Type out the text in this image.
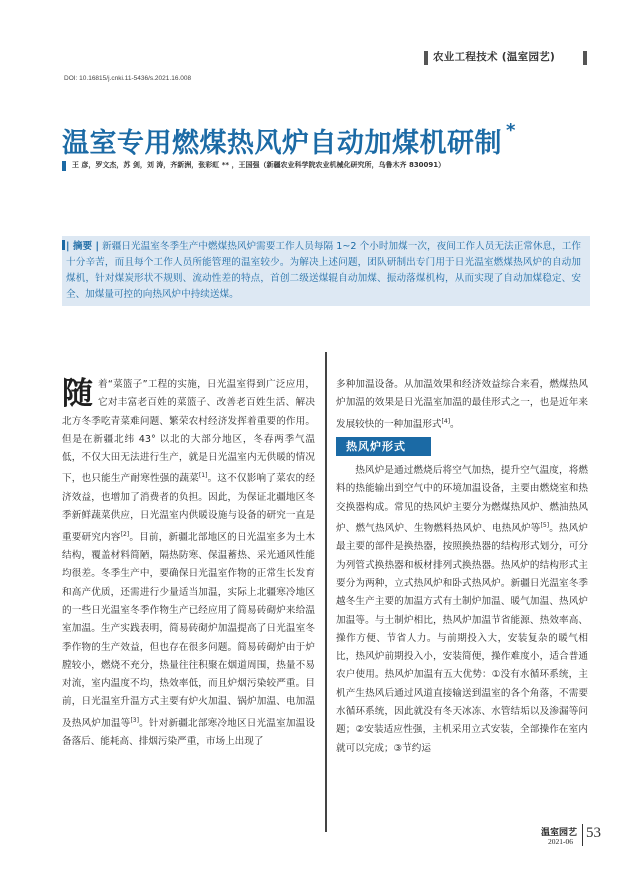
农业工程技术 (温室园艺)
DOI: 10.16815/j.cnki.11-5436/s.2021.16.008
温室专用燃煤热风炉自动加煤机研制 *
王 彦，罗文杰，苏 剑，刘 涛，齐新洲，张彩虹 ** ，王国强（新疆农业科学院农业机械化研究所，乌鲁木齐 830091）
| 摘要 | 新疆日光温室冬季生产中燃煤热风炉需要工作人员每隔 1~2 个小时加煤一次，夜间工作人员无法正常休息，工作十分辛苦，而且每个工作人员所能管理的温室较少。为解决上述问题，团队研制出专门用于日光温室燃煤热风炉的自动加煤机，针对煤炭形状不规则、流动性差的特点，首创二级送煤辊自动加煤、振动落煤机构，从而实现了自动加煤稳定、安全、加煤量可控的向热风炉中持续送煤。

随着“菜篮子”工程的实施，日光温室得到广泛应用，它对丰富老百姓的菜篮子、改善老百姓生活、解决北方冬季吃青菜难问题、繁荣农村经济发挥着重要的作用。但是在新疆北纬 43° 以北的大部分地区，冬春两季气温低，不仅大田无法进行生产，就是日光温室内无供暖的情况下，也只能生产耐寒性强的蔬菜[1]。这不仅影响了菜农的经济效益，也增加了消费者的负担。因此，为保证北疆地区冬季新鲜蔬菜供应，日光温室内供暖设施与设备的研究一直是重要研究内容[2]。目前，新疆北部地区的日光温室多为土木结构，覆盖材料简陋，隔热防寒、保温蓄热、采光通风性能均很差。冬季生产中，要确保日光温室作物的正常生长发育和高产优质，还需进行少量适当加温，实际上北疆寒冷地区的一些日光温室冬季作物生产已经应用了简易砖砌炉来给温室加温。生产实践表明，简易砖砌炉加温提高了日光温室冬季作物的生产效益，但也存在很多问题。简易砖砌炉由于炉膛较小，燃烧不充分，热量往往积聚在烟道周围，热量不易对流，室内温度不均，热效率低，而且炉烟污染较严重。目前，日光温室升温方式主要有炉火加温、锅炉加温、电加温及热风炉加温等[3]。针对新疆北部寒冷地区日光温室加温设备落后、能耗高、排烟污染严重，市场上出现了

多种加温设备。从加温效果和经济效益综合来看，燃煤热风炉加温的效果是日光温室加温的最佳形式之一，也是近年来发展较快的一种加温形式[4]。

热风炉形式

热风炉是通过燃烧后将空气加热，提升空气温度，将燃料的热能输出到空气中的环境加温设备，主要由燃烧室和热交换器构成。常见的热风炉主要分为燃煤热风炉、燃油热风炉、燃气热风炉、生物燃料热风炉、电热风炉等[5]。热风炉最主要的部件是换热器，按照换热器的结构形式划分，可分为列管式换热器和板材排列式换热器。热风炉的结构形式主要分为两种，立式热风炉和卧式热风炉。新疆日光温室冬季越冬生产主要的加温方式有土制炉加温、暖气加温、热风炉加温等。与土制炉相比，热风炉加温节省能源、热效率高、操作方便、节省人力。与前期投入大，安装复杂的暖气相比，热风炉前期投入小，安装简便，操作难度小，适合普通农户使用。热风炉加温有五大优势：①没有水循环系统，主机产生热风后通过风道直接输送到温室的各个角落，不需要水循环系统，因此就没有冬天冰冻、水管结垢以及渗漏等问题；②安装适应性强，主机采用立式安装，全部操作在室内就可以完成；③节约运

温室园艺
2021-06
53
